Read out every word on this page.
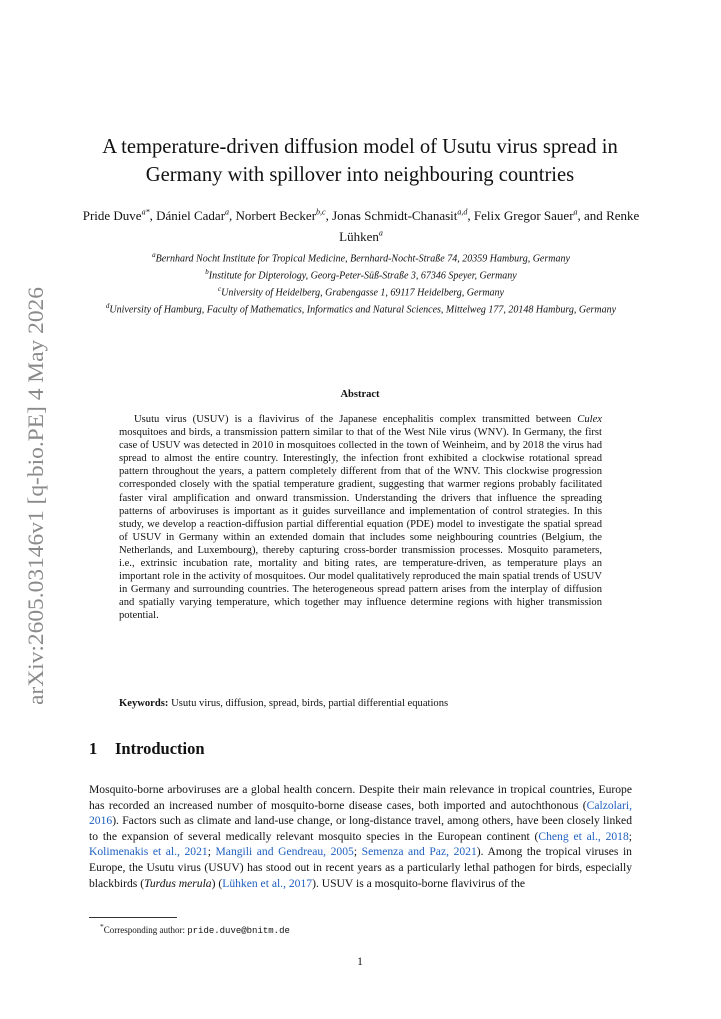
arXiv:2605.03146v1 [q-bio.PE] 4 May 2026
A temperature-driven diffusion model of Usutu virus spread in Germany with spillover into neighbouring countries
Pride Duve$^{a*}$, Dániel Cadar$^a$, Norbert Becker$^{b,c}$, Jonas Schmidt-Chanasit$^{a,d}$, Felix Gregor Sauer$^a$, and Renke Lühken$^a$
$^a$Bernhard Nocht Institute for Tropical Medicine, Bernhard-Nocht-Straße 74, 20359 Hamburg, Germany
$^b$Institute for Dipterology, Georg-Peter-Süß-Straße 3, 67346 Speyer, Germany
$^c$University of Heidelberg, Grabengasse 1, 69117 Heidelberg, Germany
$^d$University of Hamburg, Faculty of Mathematics, Informatics and Natural Sciences, Mittelweg 177, 20148 Hamburg, Germany
Abstract

Usutu virus (USUV) is a flavivirus of the Japanese encephalitis complex transmitted between Culex mosquitoes and birds, a transmission pattern similar to that of the West Nile virus (WNV). In Germany, the first case of USUV was detected in 2010 in mosquitoes collected in the town of Weinheim, and by 2018 the virus had spread to almost the entire country. Interestingly, the infection front exhibited a clockwise rotational spread pattern throughout the years, a pattern completely different from that of the WNV. This clockwise progression corresponded closely with the spatial temperature gradient, suggesting that warmer regions probably facilitated faster viral amplification and onward transmission. Understanding the drivers that influence the spreading patterns of arboviruses is important as it guides surveillance and implementation of control strategies. In this study, we develop a reaction-diffusion partial differential equation (PDE) model to investigate the spatial spread of USUV in Germany within an extended domain that includes some neighbouring countries (Belgium, the Netherlands, and Luxembourg), thereby capturing cross-border transmission processes. Mosquito parameters, i.e., extrinsic incubation rate, mortality and biting rates, are temperature-driven, as temperature plays an important role in the activity of mosquitoes. Our model qualitatively reproduced the main spatial trends of USUV in Germany and surrounding countries. The heterogeneous spread pattern arises from the interplay of diffusion and spatially varying temperature, which together may influence determine regions with higher transmission potential.

Keywords: Usutu virus, diffusion, spread, birds, partial differential equations
1 Introduction

Mosquito-borne arboviruses are a global health concern. Despite their main relevance in tropical countries, Europe has recorded an increased number of mosquito-borne disease cases, both imported and autochthonous (Calzolari, 2016). Factors such as climate and land-use change, or long-distance travel, among others, have been closely linked to the expansion of several medically relevant mosquito species in the European continent (Cheng et al., 2018; Kolimenakis et al., 2021; Mangili and Gendreau, 2005; Semenza and Paz, 2021). Among the tropical viruses in Europe, the Usutu virus (USUV) has stood out in recent years as a particularly lethal pathogen for birds, especially blackbirds (Turdus merula) (Lühken et al., 2017). USUV is a mosquito-borne flavivirus of the

*Corresponding author: pride.duve@bnitm.de
1
